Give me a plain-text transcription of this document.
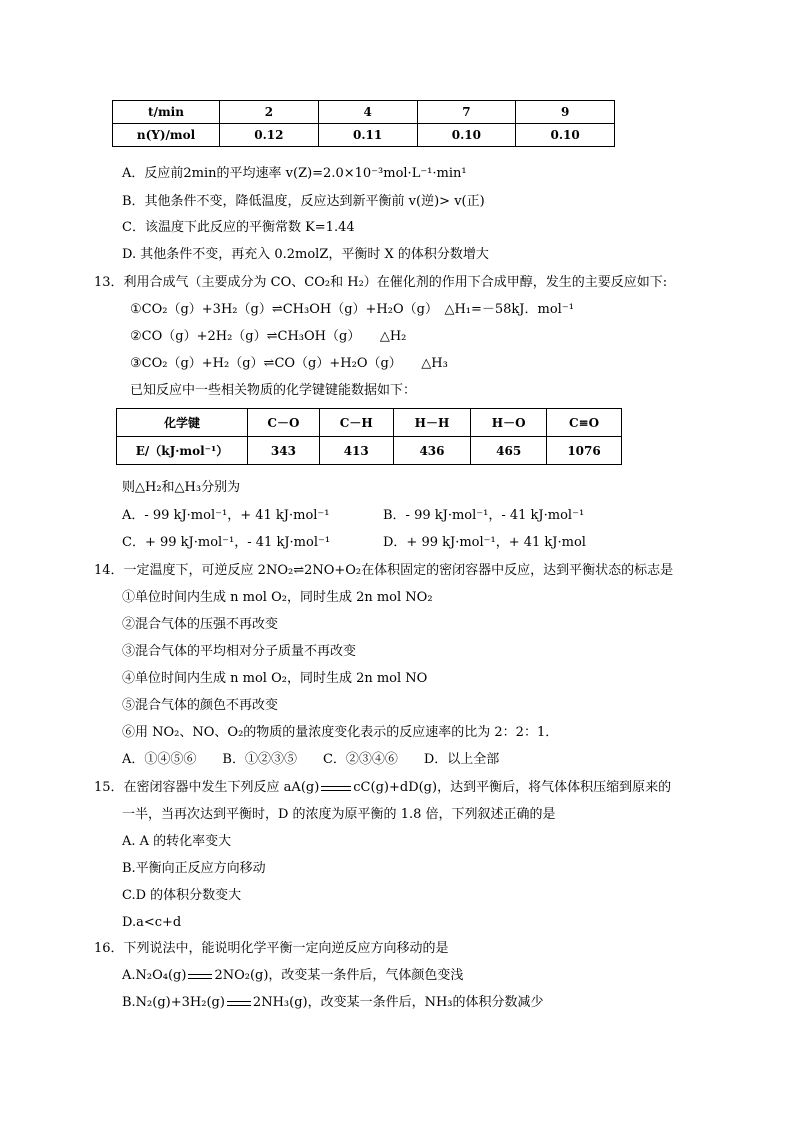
t/min	2	4	7	9
n(Y)/mol	0.12	0.11	0.10	0.10
A．反应前2min的平均速率 v(Z)=2.0×10⁻³mol·L⁻¹·min¹
B．其他条件不变，降低温度，反应达到新平衡前 v(逆)> v(正)
C．该温度下此反应的平衡常数 K=1.44
D. 其他条件不变，再充入 0.2molZ，平衡时 X 的体积分数增大
13．利用合成气（主要成分为 CO、CO₂和 H₂）在催化剂的作用下合成甲醇，发生的主要反应如下:
①CO₂（g）+3H₂（g）⇌CH₃OH（g）+H₂O（g）　△H₁=－58kJ．mol⁻¹
②CO（g）+2H₂（g）⇌CH₃OH（g）　　△H₂
③CO₂（g）+H₂（g）⇌CO（g）+H₂O（g）　　△H₃
已知反应中一些相关物质的化学键键能数据如下：
化学键	C－O	C－H	H－H	H－O	C≡O
E/（kJ·mol⁻¹）	343	413	436	465	1076
则△H₂和△H₃分别为
A．- 99 kJ·mol⁻¹，+ 41 kJ·mol⁻¹	B．- 99 kJ·mol⁻¹，- 41 kJ·mol⁻¹
C．+ 99 kJ·mol⁻¹，- 41 kJ·mol⁻¹	D．+ 99 kJ·mol⁻¹，+ 41 kJ·mol
14．一定温度下，可逆反应 2NO₂⇌2NO+O₂在体积固定的密闭容器中反应，达到平衡状态的标志是
①单位时间内生成 n mol O₂，同时生成 2n mol NO₂
②混合气体的压强不再改变
③混合气体的平均相对分子质量不再改变
④单位时间内生成 n mol O₂，同时生成 2n mol NO
⑤混合气体的颜色不再改变
⑥用 NO₂、NO、O₂的物质的量浓度变化表示的反应速率的比为 2：2：1．
A．①④⑤⑥　　B．①②③⑤　　C．②③④⑥　　D．以上全部
15．在密闭容器中发生下列反应 aA(g)	cC(g)+dD(g)，达到平衡后，将气体体积压缩到原来的
一半，当再次达到平衡时，D 的浓度为原平衡的 1.8 倍，下列叙述正确的是
A. A 的转化率变大
B.平衡向正反应方向移动
C.D 的体积分数变大
D.a<c+d
16．下列说法中，能说明化学平衡一定向逆反应方向移动的是
A.N₂O₄(g) 2NO₂(g)，改变某一条件后，气体颜色变浅
B.N₂(g)+3H₂(g) 2NH₃(g)，改变某一条件后，NH₃的体积分数减少
